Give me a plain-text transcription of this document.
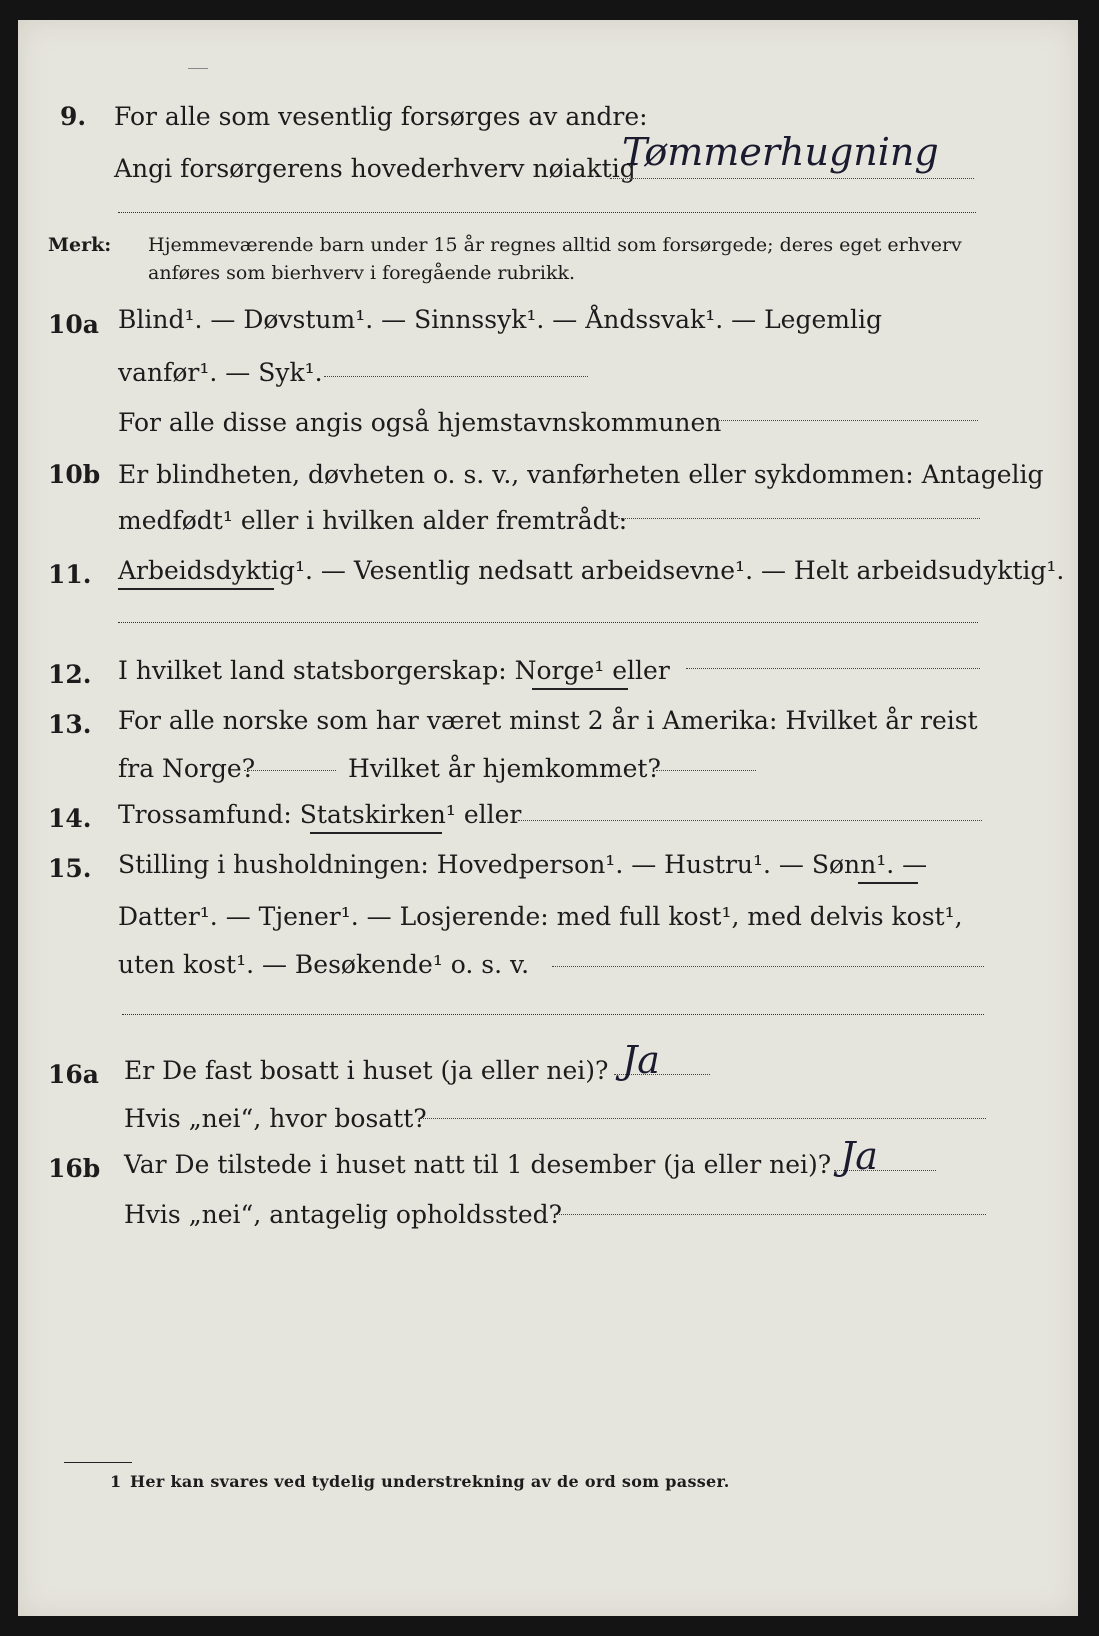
9. For alle som vesentlig forsørges av andre:
Angi forsørgerens hovederhverv nøiaktig
Tømmerhugning
Merk: Hjemmeværende barn under 15 år regnes alltid som forsørgede; deres eget erhverv
anføres som bierhverv i foregående rubrikk.
10a Blind¹. — Døvstum¹. — Sinnssyk¹. — Åndssvak¹. — Legemlig
vanfør¹. — Syk¹.
For alle disse angis også hjemstavnskommunen
10b Er blindheten, døvheten o. s. v., vanførheten eller sykdommen: Antagelig
medfødt¹ eller i hvilken alder fremtrådt:
11. Arbeidsdyktig¹. — Vesentlig nedsatt arbeidsevne¹. — Helt arbeidsudyktig¹.
12. I hvilket land statsborgerskap: Norge¹ eller
13. For alle norske som har været minst 2 år i Amerika: Hvilket år reist
fra Norge?	Hvilket år hjemkommet?
14. Trossamfund: Statskirken¹ eller
15. Stilling i husholdningen: Hovedperson¹. — Hustru¹. — Sønn¹. —
Datter¹. — Tjener¹. — Losjerende: med full kost¹, med delvis kost¹,
uten kost¹. — Besøkende¹ o. s. v.
16a Er De fast bosatt i huset (ja eller nei)? Ja
Hvis „nei“, hvor bosatt?
16b Var De tilstede i huset natt til 1 desember (ja eller nei)? Ja
Hvis „nei“, antagelig opholdssted?
1 Her kan svares ved tydelig understrekning av de ord som passer.
